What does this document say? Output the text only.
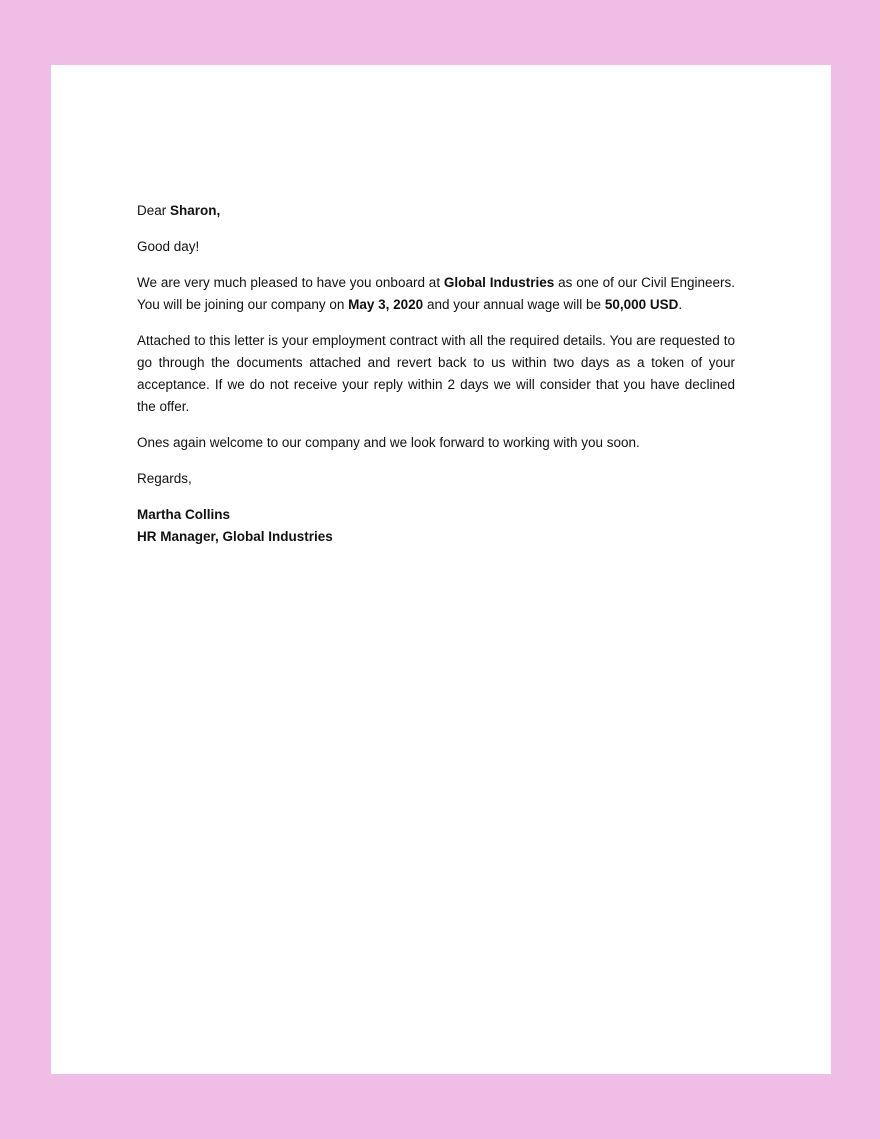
Dear Sharon,

Good day!

We are very much pleased to have you onboard at Global Industries as one of our Civil Engineers. You will be joining our company on May 3, 2020 and your annual wage will be 50,000 USD.

Attached to this letter is your employment contract with all the required details. You are requested to go through the documents attached and revert back to us within two days as a token of your acceptance. If we do not receive your reply within 2 days we will consider that you have declined the offer.

Ones again welcome to our company and we look forward to working with you soon.

Regards,

Martha Collins
HR Manager, Global Industries
